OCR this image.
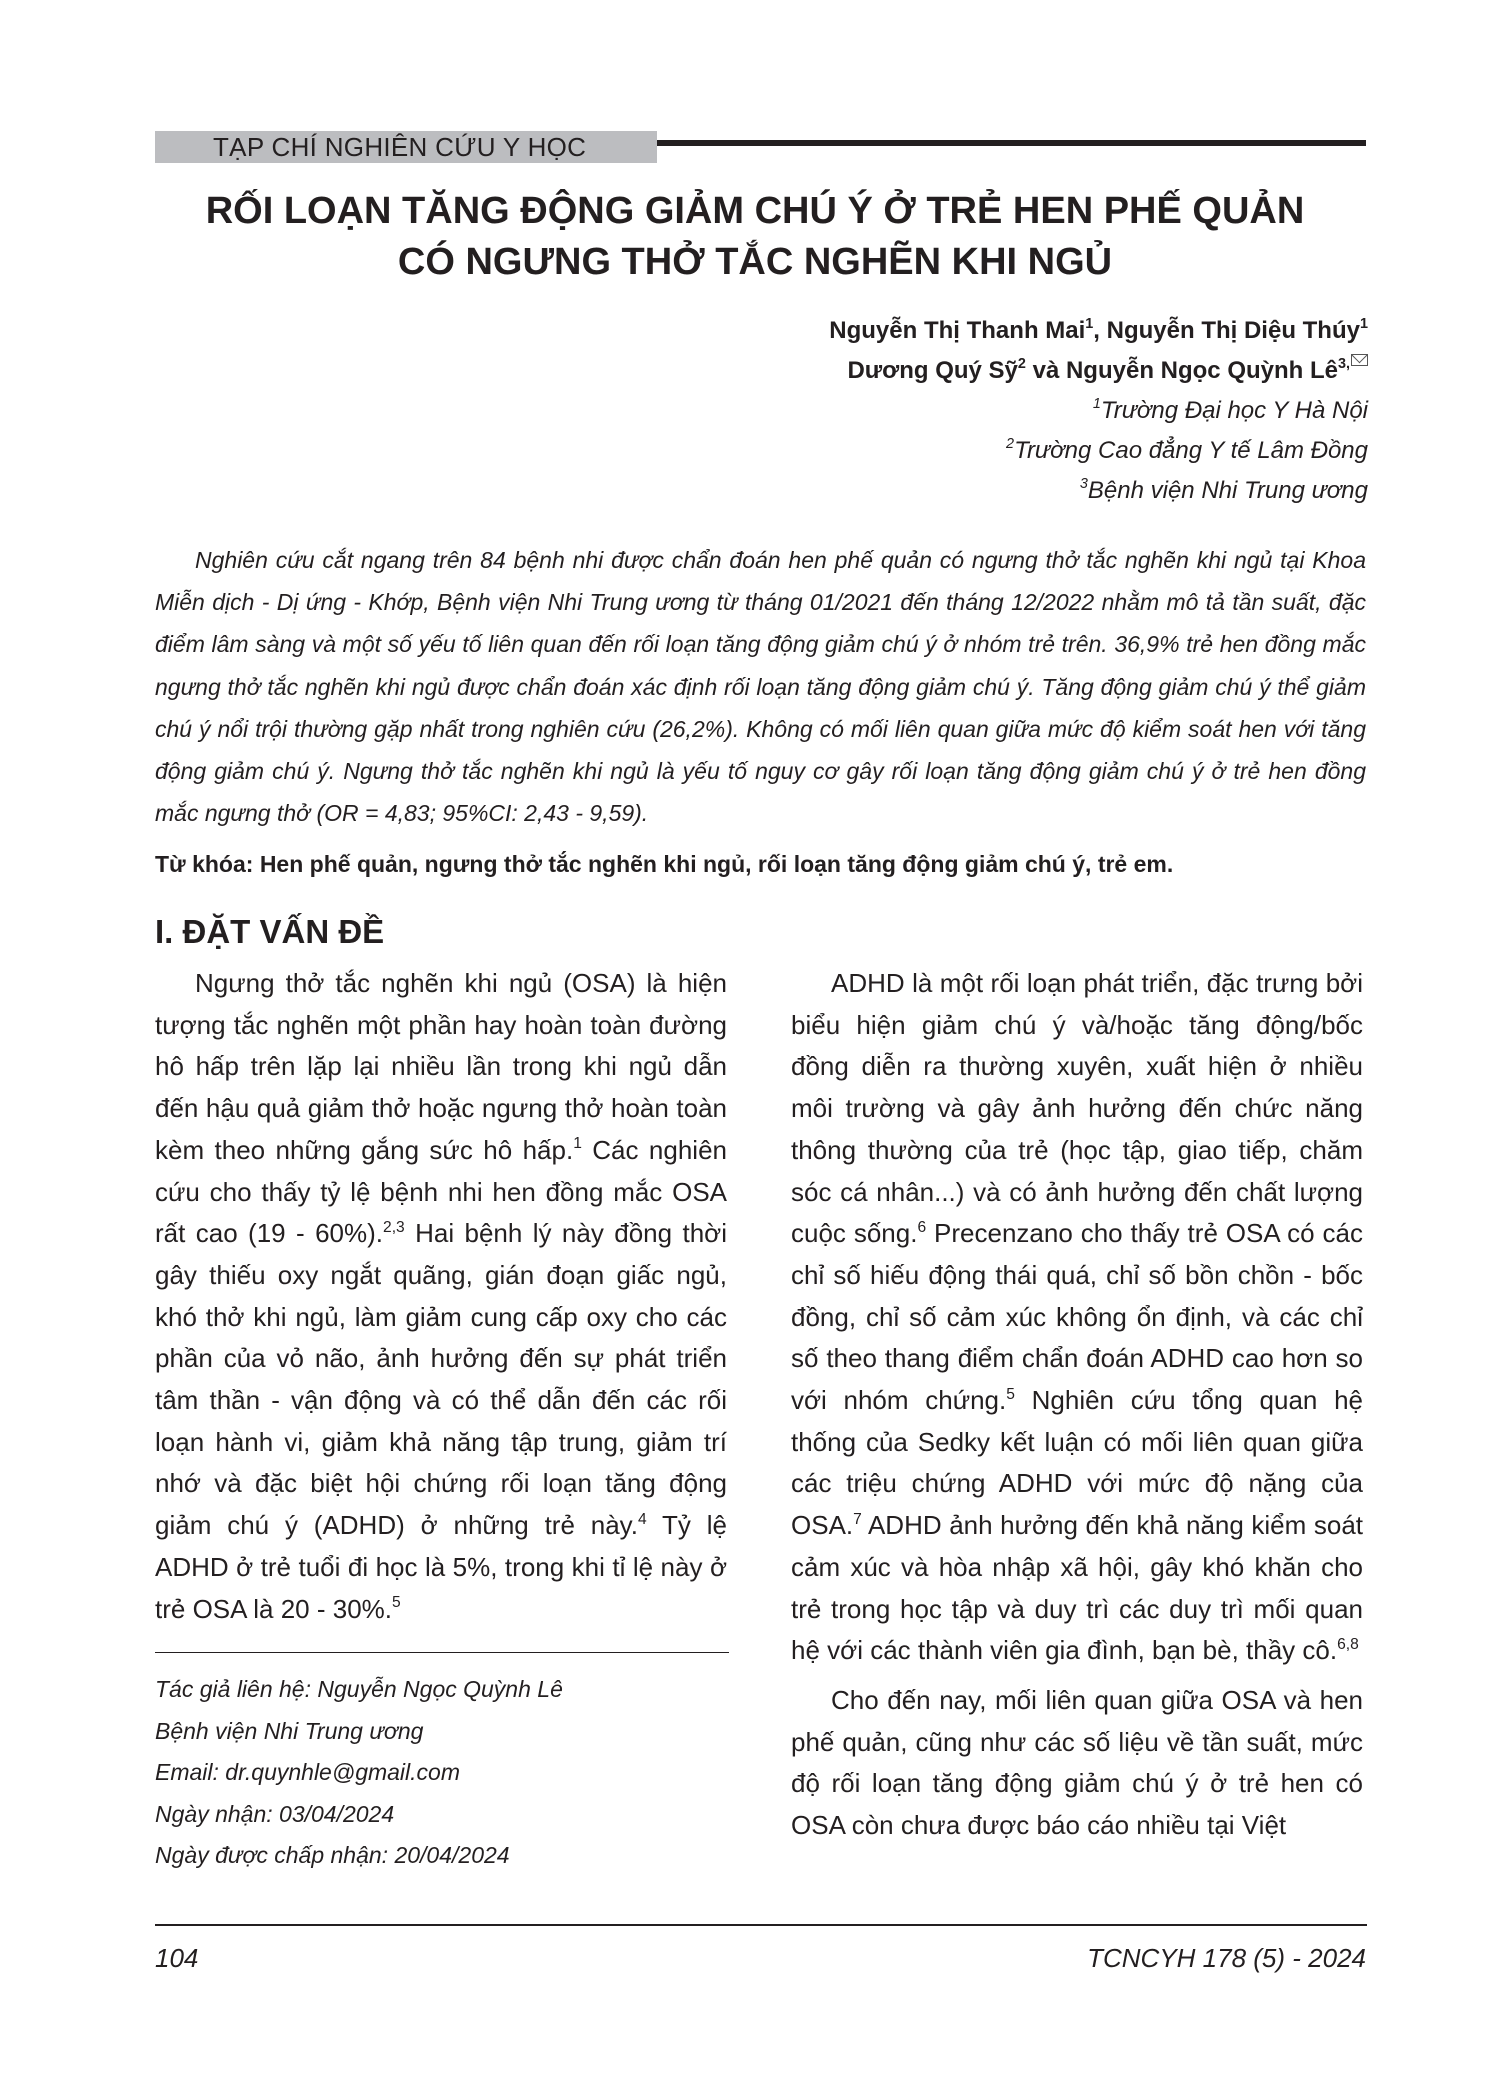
TẠP CHÍ NGHIÊN CỨU Y HỌC
RỐI LOẠN TĂNG ĐỘNG GIẢM CHÚ Ý Ở TRẺ HEN PHẾ QUẢN
CÓ NGƯNG THỞ TẮC NGHẼN KHI NGỦ
Nguyễn Thị Thanh Mai$^1$, Nguyễn Thị Diệu Thúy$^1$
Dương Quý Sỹ$^2$ và Nguyễn Ngọc Quỳnh $Lê^{3,}$
$^1$Trường Đại học Y Hà Nội
$^2$Trường Cao đẳng Y tế Lâm Đồng
$^3$Bệnh viện Nhi Trung ương

Nghiên cứu cắt ngang trên 84 bệnh nhi được chẩn đoán hen phế quản có ngưng thở tắc nghẽn khi ngủ tại Khoa Miễn dịch - Dị ứng - Khớp, Bệnh viện Nhi Trung ương từ tháng 01/2021 đến tháng 12/2022 nhằm mô tả tần suất, đặc điểm lâm sàng và một số yếu tố liên quan đến rối loạn tăng động giảm chú ý ở nhóm trẻ trên. 36,9% trẻ hen đồng mắc ngưng thở tắc nghẽn khi ngủ được chẩn đoán xác định rối loạn tăng động giảm chú ý. Tăng động giảm chú ý thể giảm chú ý nổi trội thường gặp nhất trong nghiên cứu (26,2%). Không có mối liên quan giữa mức độ kiểm soát hen với tăng động giảm chú ý. Ngưng thở tắc nghẽn khi ngủ là yếu tố nguy cơ gây rối loạn tăng động giảm chú ý ở trẻ hen đồng mắc ngưng thở (OR = 4,83; 95%CI: 2,43 - 9,59).

Từ khóa: Hen phế quản, ngưng thở tắc nghẽn khi ngủ, rối loạn tăng động giảm chú ý, trẻ em.

I. ĐẶT VẤN ĐỀ

Ngưng thở tắc nghẽn khi ngủ (OSA) là hiện tượng tắc nghẽn một phần hay hoàn toàn đường hô hấp trên lặp lại nhiều lần trong khi ngủ dẫn đến hậu quả giảm thở hoặc ngưng thở hoàn toàn kèm theo những gắng sức hô hấp.$^1$ Các nghiên cứu cho thấy tỷ lệ bệnh nhi hen đồng mắc OSA rất cao (19 - 60%).$^{2,3}$ Hai bệnh lý này đồng thời gây thiếu oxy ngắt quãng, gián đoạn giấc ngủ, khó thở khi ngủ, làm giảm cung cấp oxy cho các phần của vỏ não, ảnh hưởng đến sự phát triển tâm thần - vận động và có thể dẫn đến các rối loạn hành vi, giảm khả năng tập trung, giảm trí nhớ và đặc biệt hội chứng rối loạn tăng động giảm chú ý (ADHD) ở những trẻ này.$^4$ Tỷ lệ ADHD ở trẻ tuổi đi học là 5%, trong khi tỉ lệ này ở trẻ OSA là 20 - 30%.$^5$

Tác giả liên hệ: Nguyễn Ngọc Quỳnh Lê
Bệnh viện Nhi Trung ương
Email: dr.quynhle@gmail.com
Ngày nhận: 03/04/2024
Ngày được chấp nhận: 20/04/2024

ADHD là một rối loạn phát triển, đặc trưng bởi biểu hiện giảm chú ý và/hoặc tăng động/bốc đồng diễn ra thường xuyên, xuất hiện ở nhiều môi trường và gây ảnh hưởng đến chức năng thông thường của trẻ (học tập, giao tiếp, chăm sóc cá nhân...) và có ảnh hưởng đến chất lượng cuộc sống.$^6$ Precenzano cho thấy trẻ OSA có các chỉ số hiếu động thái quá, chỉ số bồn chồn - bốc đồng, chỉ số cảm xúc không ổn định, và các chỉ số theo thang điểm chẩn đoán ADHD cao hơn so với nhóm chứng.$^5$ Nghiên cứu tổng quan hệ thống của Sedky kết luận có mối liên quan giữa các triệu chứng ADHD với mức độ nặng của OSA.$^7$ ADHD ảnh hưởng đến khả năng kiểm soát cảm xúc và hòa nhập xã hội, gây khó khăn cho trẻ trong học tập và duy trì các duy trì mối quan hệ với các thành viên gia đình, bạn bè, thầy cô.$^{6,8}$

Cho đến nay, mối liên quan giữa OSA và hen phế quản, cũng như các số liệu về tần suất, mức độ rối loạn tăng động giảm chú ý ở trẻ hen có OSA còn chưa được báo cáo nhiều tại Việt

104	TCNCYH 178 (5) - 2024
